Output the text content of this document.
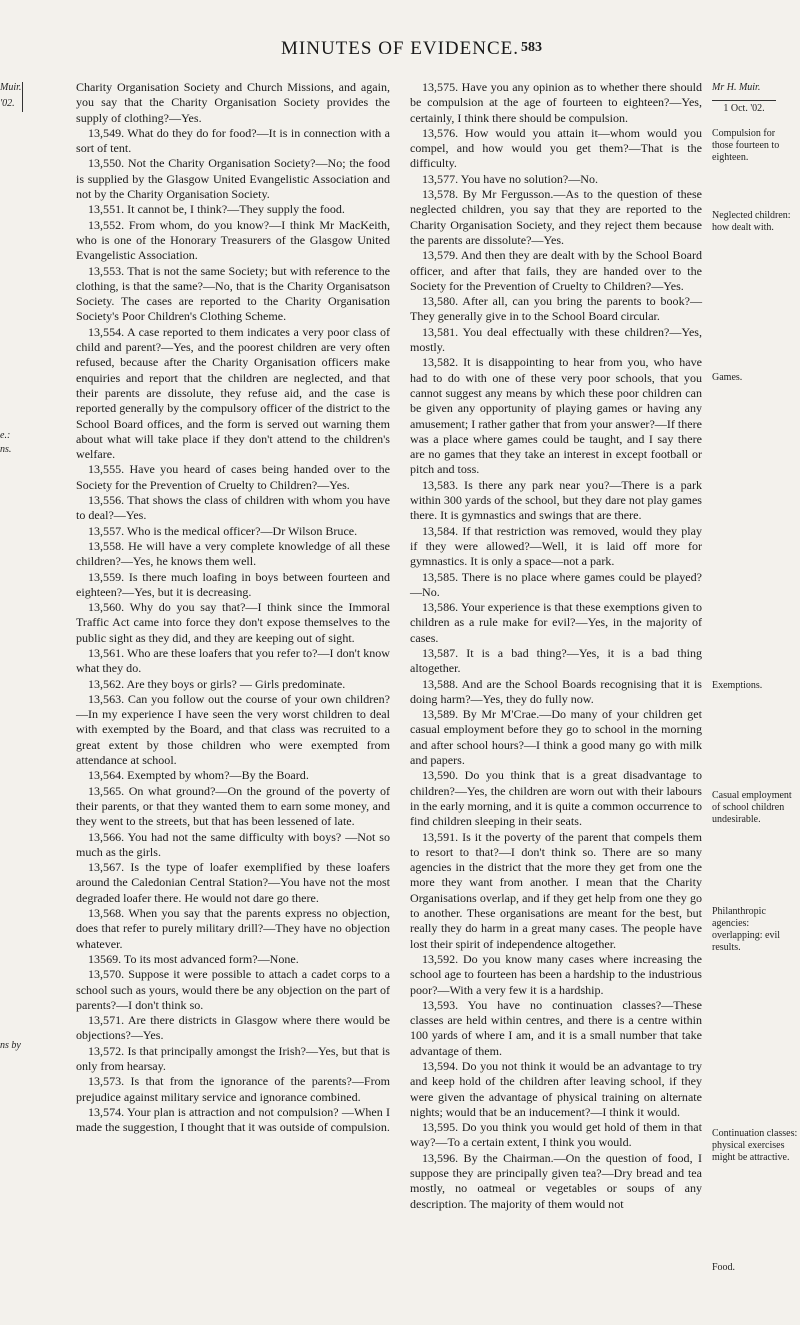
MINUTES OF EVIDENCE. 583
Muir.
'02.
e.:
ns.
ns by

Charity Organisation Society and Church Missions, and again, you say that the Charity Organisation Society provides the supply of clothing?—Yes.

13,549. What do they do for food?—It is in connection with a sort of tent.

13,550. Not the Charity Organisation Society?—No; the food is supplied by the Glasgow United Evangelistic Association and not by the Charity Organisation Society.

13,551. It cannot be, I think?—They supply the food.

13,552. From whom, do you know?—I think Mr MacKeith, who is one of the Honorary Treasurers of the Glasgow United Evangelistic Association.

13,553. That is not the same Society; but with reference to the clothing, is that the same?—No, that is the Charity Organisatson Society. The cases are reported to the Charity Organisation Society's Poor Children's Clothing Scheme.

13,554. A case reported to them indicates a very poor class of child and parent?—Yes, and the poorest children are very often refused, because after the Charity Organisation officers make enquiries and report that the children are neglected, and that their parents are dissolute, they refuse aid, and the case is reported generally by the compulsory officer of the district to the School Board offices, and the form is served out warning them about what will take place if they don't attend to the children's welfare.

13,555. Have you heard of cases being handed over to the Society for the Prevention of Cruelty to Children?—Yes.

13,556. That shows the class of children with whom you have to deal?—Yes.

13,557. Who is the medical officer?—Dr Wilson Bruce.

13,558. He will have a very complete knowledge of all these children?—Yes, he knows them well.

13,559. Is there much loafing in boys between fourteen and eighteen?—Yes, but it is decreasing.

13,560. Why do you say that?—I think since the Immoral Traffic Act came into force they don't expose themselves to the public sight as they did, and they are keeping out of sight.

13,561. Who are these loafers that you refer to?—I don't know what they do.

13,562. Are they boys or girls? — Girls predominate.

13,563. Can you follow out the course of your own children?—In my experience I have seen the very worst children to deal with exempted by the Board, and that class was recruited to a great extent by those children who were exempted from attendance at school.

13,564. Exempted by whom?—By the Board.

13,565. On what ground?—On the ground of the poverty of their parents, or that they wanted them to earn some money, and they went to the streets, but that has been lessened of late.

13,566. You had not the same difficulty with boys? —Not so much as the girls.

13,567. Is the type of loafer exemplified by these loafers around the Caledonian Central Station?—You have not the most degraded loafer there. He would not dare go there.

13,568. When you say that the parents express no objection, does that refer to purely military drill?—They have no objection whatever.

13569. To its most advanced form?—None.

13,570. Suppose it were possible to attach a cadet corps to a school such as yours, would there be any objection on the part of parents?—I don't think so.

13,571. Are there districts in Glasgow where there would be objections?—Yes.

13,572. Is that principally amongst the Irish?—Yes, but that is only from hearsay.

13,573. Is that from the ignorance of the parents?—From prejudice against military service and ignorance combined.

13,574. Your plan is attraction and not compulsion? —When I made the suggestion, I thought that it was outside of compulsion.

13,575. Have you any opinion as to whether there should be compulsion at the age of fourteen to eighteen?—Yes, certainly, I think there should be compulsion.

13,576. How would you attain it—whom would you compel, and how would you get them?—That is the difficulty.

13,577. You have no solution?—No.

13,578. By Mr Fergusson.—As to the question of these neglected children, you say that they are reported to the Charity Organisation Society, and they reject them because the parents are dissolute?—Yes.

13,579. And then they are dealt with by the School Board officer, and after that fails, they are handed over to the Society for the Prevention of Cruelty to Children?—Yes.

13,580. After all, can you bring the parents to book?—They generally give in to the School Board circular.

13,581. You deal effectually with these children?—Yes, mostly.

13,582. It is disappointing to hear from you, who have had to do with one of these very poor schools, that you cannot suggest any means by which these poor children can be given any opportunity of playing games or having any amusement; I rather gather that from your answer?—If there was a place where games could be taught, and I say there are no games that they take an interest in except football or pitch and toss.

13,583. Is there any park near you?—There is a park within 300 yards of the school, but they dare not play games there. It is gymnastics and swings that are there.

13,584. If that restriction was removed, would they play if they were allowed?—Well, it is laid off more for gymnastics. It is only a space—not a park.

13,585. There is no place where games could be played?—No.

13,586. Your experience is that these exemptions given to children as a rule make for evil?—Yes, in the majority of cases.

13,587. It is a bad thing?—Yes, it is a bad thing altogether.

13,588. And are the School Boards recognising that it is doing harm?—Yes, they do fully now.

13,589. By Mr M'Crae.—Do many of your children get casual employment before they go to school in the morning and after school hours?—I think a good many go with milk and papers.

13,590. Do you think that is a great disadvantage to children?—Yes, the children are worn out with their labours in the early morning, and it is quite a common occurrence to find children sleeping in their seats.

13,591. Is it the poverty of the parent that compels them to resort to that?—I don't think so. There are so many agencies in the district that the more they get from one the more they want from another. I mean that the Charity Organisations overlap, and if they get help from one they go to another. These organisations are meant for the best, but really they do harm in a great many cases. The people have lost their spirit of independence altogether.

13,592. Do you know many cases where increasing the school age to fourteen has been a hardship to the industrious poor?—With a very few it is a hardship.

13,593. You have no continuation classes?—These classes are held within centres, and there is a centre within 100 yards of where I am, and it is a small number that take advantage of them.

13,594. Do you not think it would be an advantage to try and keep hold of the children after leaving school, if they were given the advantage of physical training on alternate nights; would that be an inducement?—I think it would.

13,595. Do you think you would get hold of them in that way?—To a certain extent, I think you would.

13,596. By the Chairman.—On the question of food, I suppose they are principally given tea?—Dry bread and tea mostly, no oatmeal or vegetables or soups of any description. The majority of them would not

Mr H. Muir.
1 Oct. '02.
Compulsion for those fourteen to eighteen.
Neglected children: how dealt with.
Games.
Exemptions.
Casual employment of school children undesirable.
Philanthropic agencies: overlapping: evil results.
Continuation classes: physical exercises might be attractive.
Food.
